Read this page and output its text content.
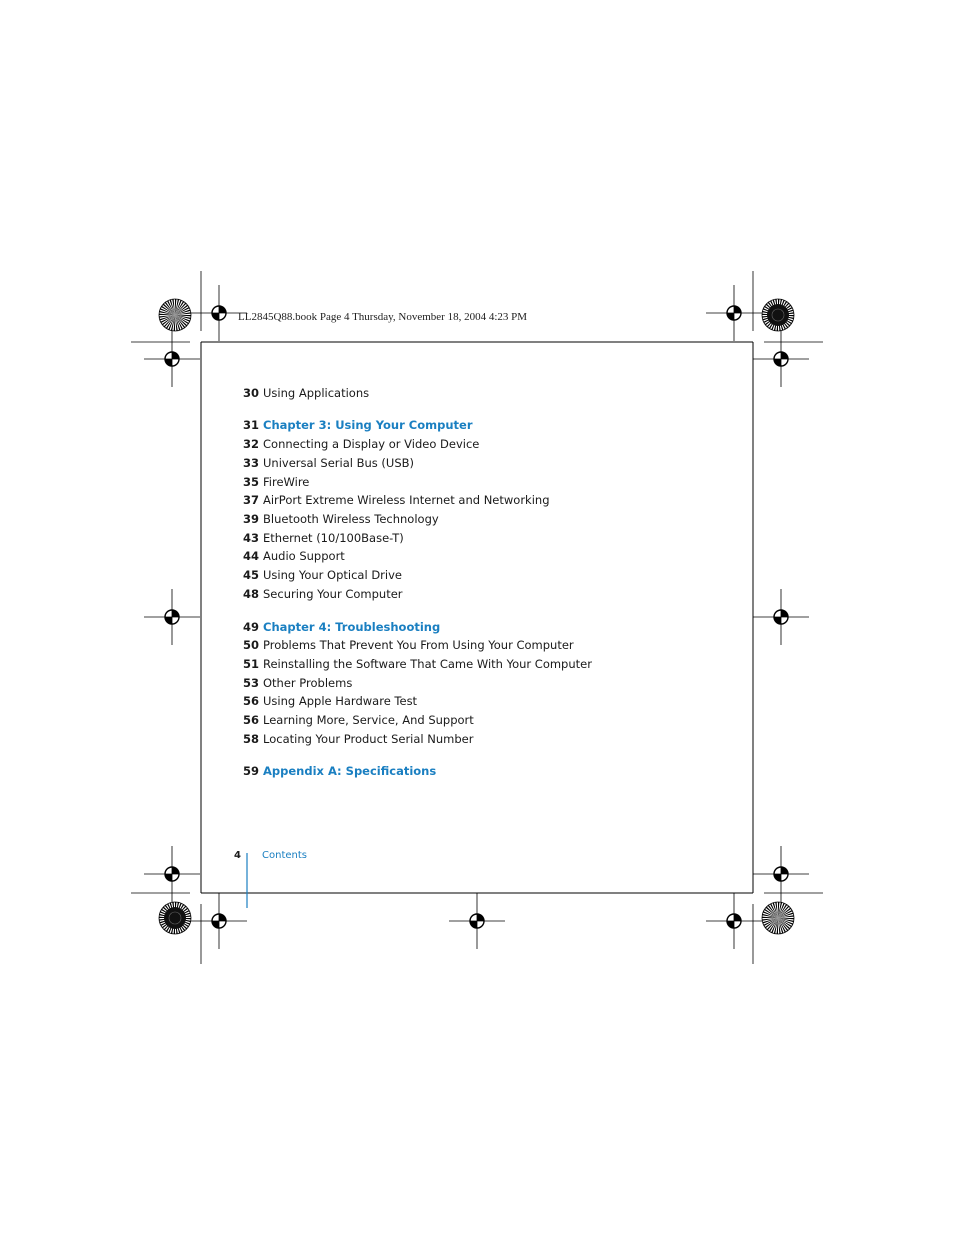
LL2845Q88.book Page 4 Thursday, November 18, 2004 4:23 PM
30 Using Applications
31 Chapter 3: Using Your Computer
32 Connecting a Display or Video Device
33 Universal Serial Bus (USB)
35 FireWire
37 AirPort Extreme Wireless Internet and Networking
39 Bluetooth Wireless Technology
43 Ethernet (10/100Base-T)
44 Audio Support
45 Using Your Optical Drive
48 Securing Your Computer
49 Chapter 4: Troubleshooting
50 Problems That Prevent You From Using Your Computer
51 Reinstalling the Software That Came With Your Computer
53 Other Problems
56 Using Apple Hardware Test
56 Learning More, Service, And Support
58 Locating Your Product Serial Number
59 Appendix A: Specifications
4 Contents
